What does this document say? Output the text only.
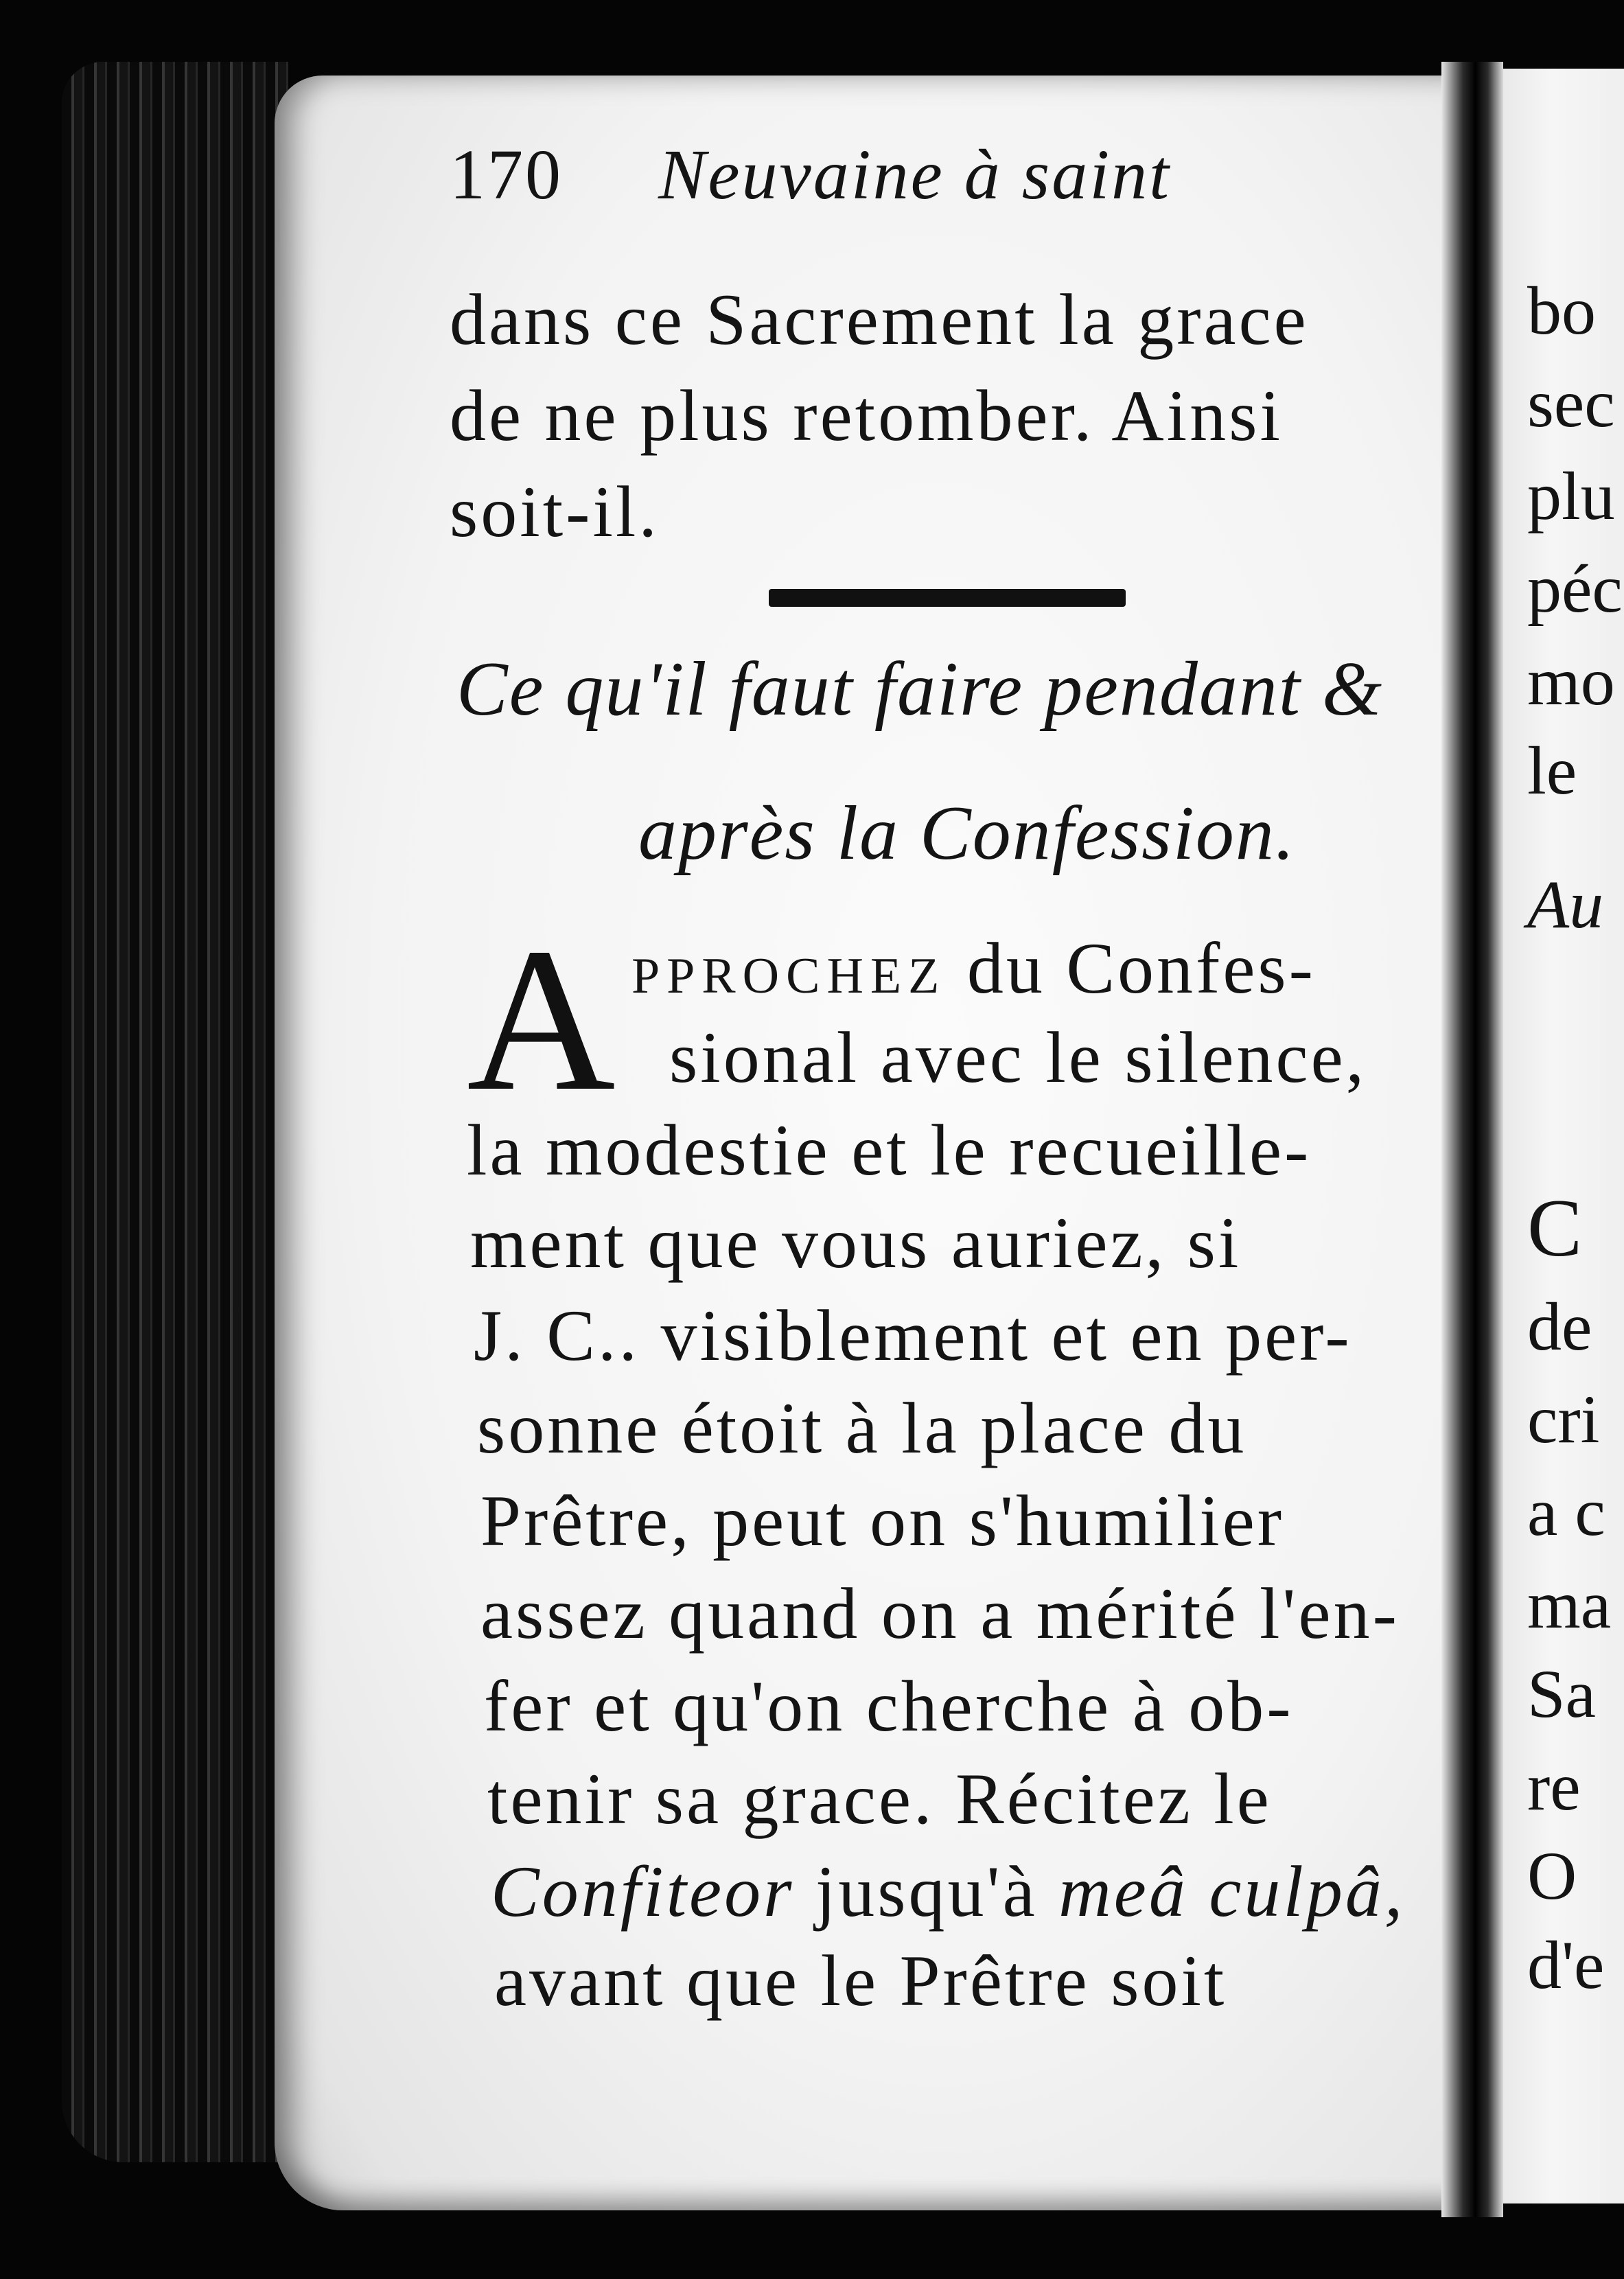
170 Neuvaine à saint
dans ce Sacrement la grace
de ne plus retomber. Ainsi
soit-il.
Ce qu'il faut faire pendant &
après la Confession.
A pprochez du Confes-
sional avec le silence,
la modestie et le recueille-
ment que vous auriez, si
J. C.. visiblement et en per-
sonne étoit à la place du
Prêtre, peut on s'humilier
assez quand on a mérité l'en-
fer et qu'on cherche à ob-
tenir sa grace. Récitez le
Confiteor jusqu'à meâ culpâ,
avant que le Prêtre soit
bo
sec
plu
péc
mo
le
Au
C
de
cri
a c
ma
Sa
re
O
d'e
